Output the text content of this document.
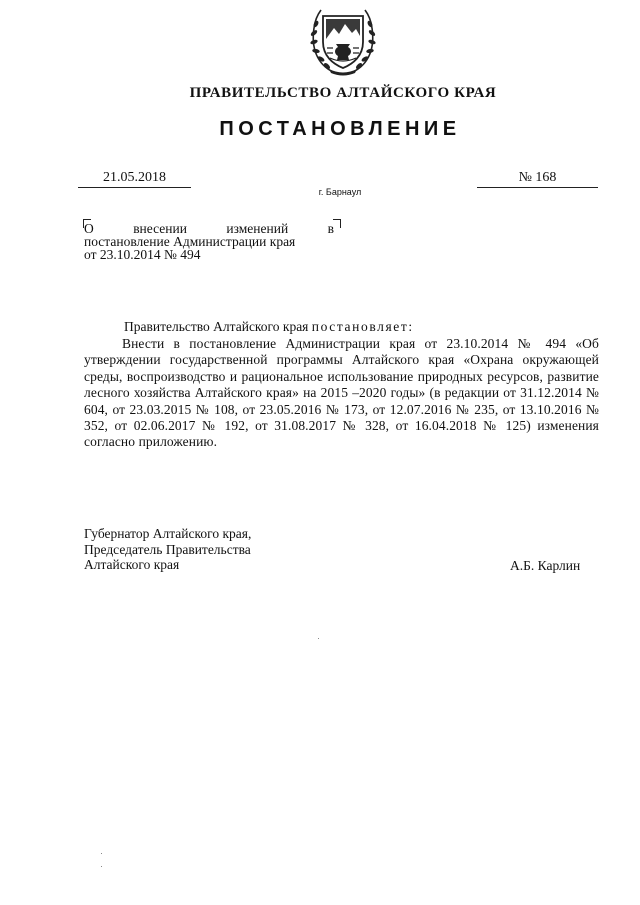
ПРАВИТЕЛЬСТВО АЛТАЙСКОГО КРАЯ
ПОСТАНОВЛЕНИЕ
21.05.2018	№ 168
г. Барнаул
О	внесении	изменений	в
постановление Администрации края
от 23.10.2014 № 494
Правительство Алтайского края постановляет:
Внести в постановление Администрации края от 23.10.2014 № 494 «Об утверждении государственной программы Алтайского края «Охрана окружающей среды, воспроизводство и рациональное использование природных ресурсов, развитие лесного хозяйства Алтайского края» на 2015 –2020 годы» (в редакции от 31.12.2014 № 604, от 23.03.2015 № 108, от 23.05.2016 № 173, от 12.07.2016 № 235, от 13.10.2016 № 352, от 02.06.2017 № 192, от 31.08.2017 № 328, от 16.04.2018 № 125) изменения согласно приложению.
Губернатор Алтайского края,
Председатель Правительства
Алтайского края	А.Б. Карлин
